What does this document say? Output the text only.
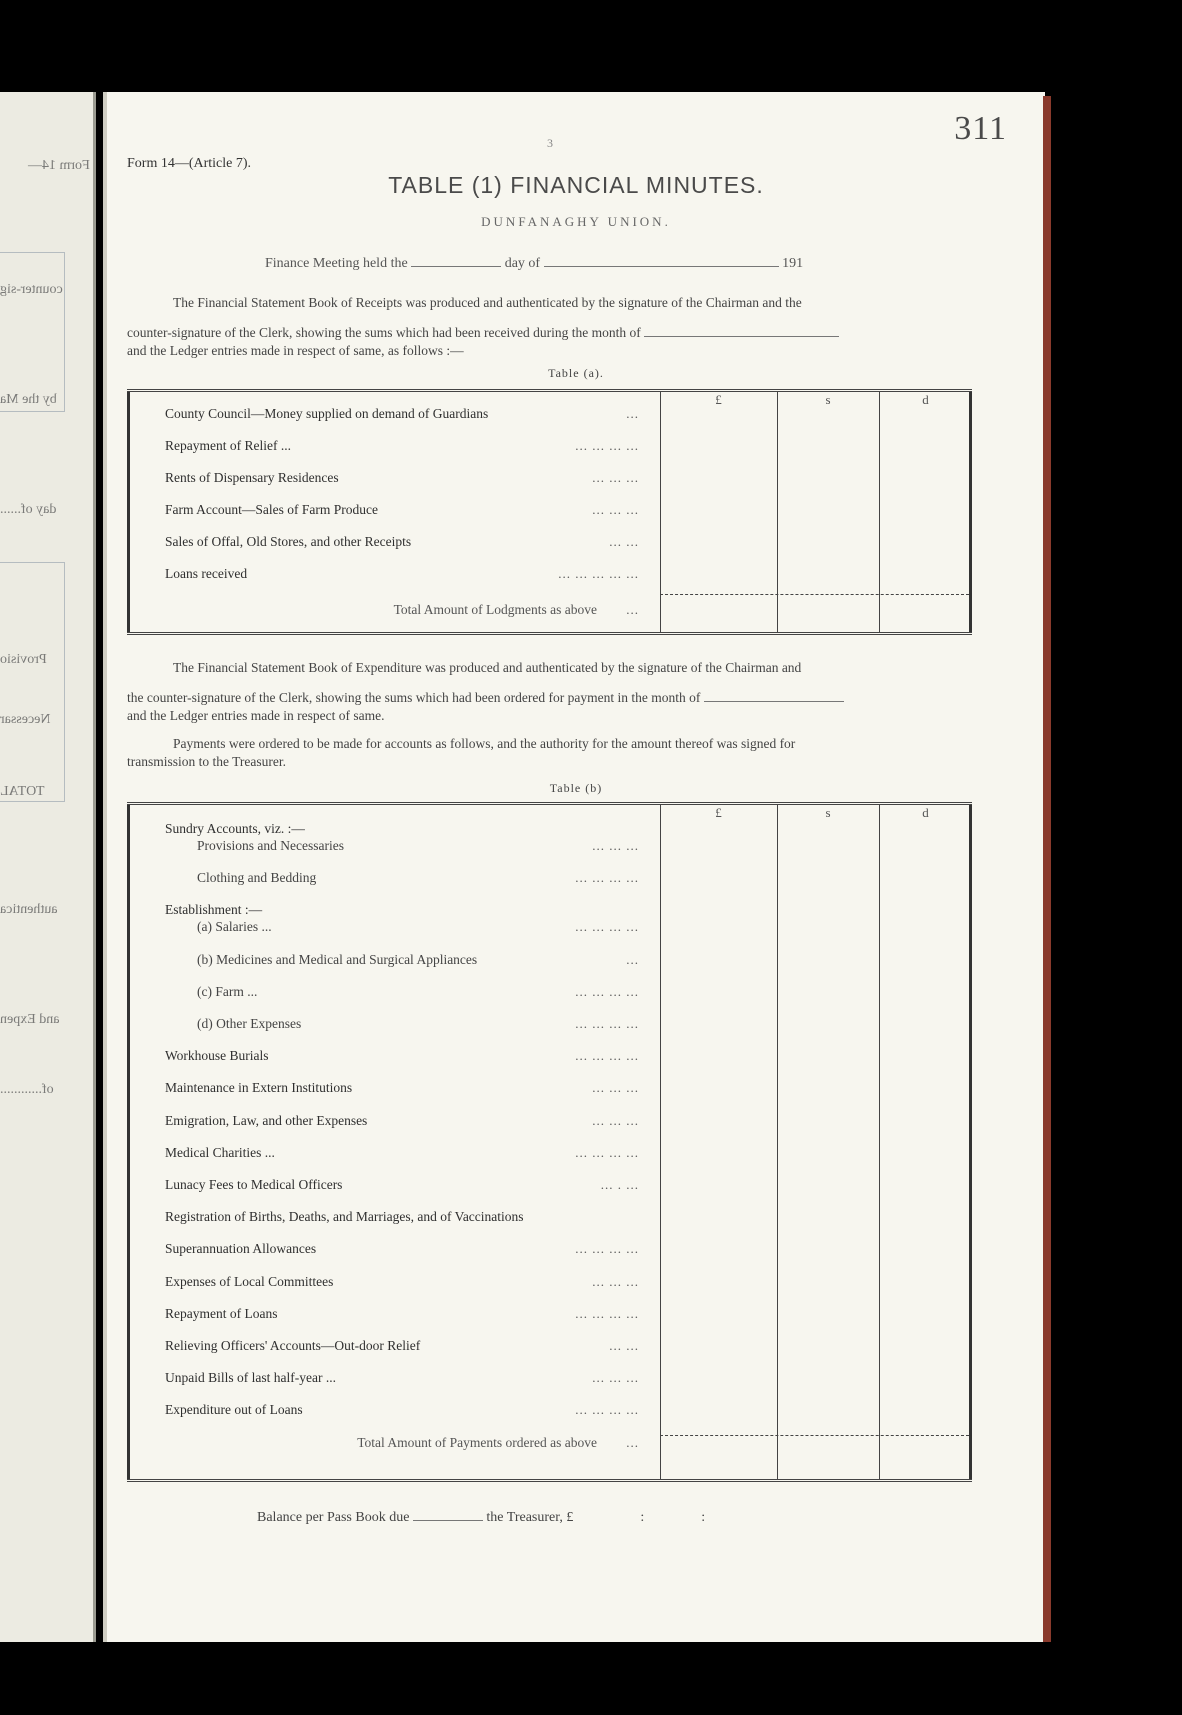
Form 14—
counter-sig
by the Ma
day of......
Provisio
Necessar
TOTAL
authentica
and Expen
of............
311
3
Form 14—(Article 7).
TABLE (1) FINANCIAL MINUTES.
DUNFANAGHY UNION.
Finance Meeting held the	day of	191
The Financial Statement Book of Receipts was produced and authenticated by the signature of the Chairman and the
counter-signature of the Clerk, showing the sums which had been received during the month of
and the Ledger entries made in respect of same, as follows :—
Table (a).
£	s	d
County Council—Money supplied on demand of Guardians	...
Repayment of Relief ...	... ... ... ...
Rents of Dispensary Residences	... ... ...
Farm Account—Sales of Farm Produce	... ... ...
Sales of Offal, Old Stores, and other Receipts	... ...
Loans received	... ... ... ... ...
Total Amount of Lodgments as above ...
The Financial Statement Book of Expenditure was produced and authenticated by the signature of the Chairman and
the counter-signature of the Clerk, showing the sums which had been ordered for payment in the month of
and the Ledger entries made in respect of same.
Payments were ordered to be made for accounts as follows, and the authority for the amount thereof was signed for
transmission to the Treasurer.
Table (b)
£	s	d
Sundry Accounts, viz. :—
Provisions and Necessaries	... ... ...
Clothing and Bedding	... ... ... ...
Establishment :—
(a) Salaries ...	... ... ... ...
(b) Medicines and Medical and Surgical Appliances	...
(c) Farm ...	... ... ... ...
(d) Other Expenses	... ... ... ...
Workhouse Burials	... ... ... ...
Maintenance in Extern Institutions	... ... ...
Emigration, Law, and other Expenses	... ... ...
Medical Charities ...	... ... ... ...
Lunacy Fees to Medical Officers	... . ...
Registration of Births, Deaths, and Marriages, and of Vaccinations
Superannuation Allowances	... ... ... ...
Expenses of Local Committees	... ... ...
Repayment of Loans	... ... ... ...
Relieving Officers' Accounts—Out-door Relief	... ...
Unpaid Bills of last half-year ...	... ... ...
Expenditure out of Loans	... ... ... ...
Total Amount of Payments ordered as above ...
Balance per Pass Book due	the Treasurer, £	:	:
